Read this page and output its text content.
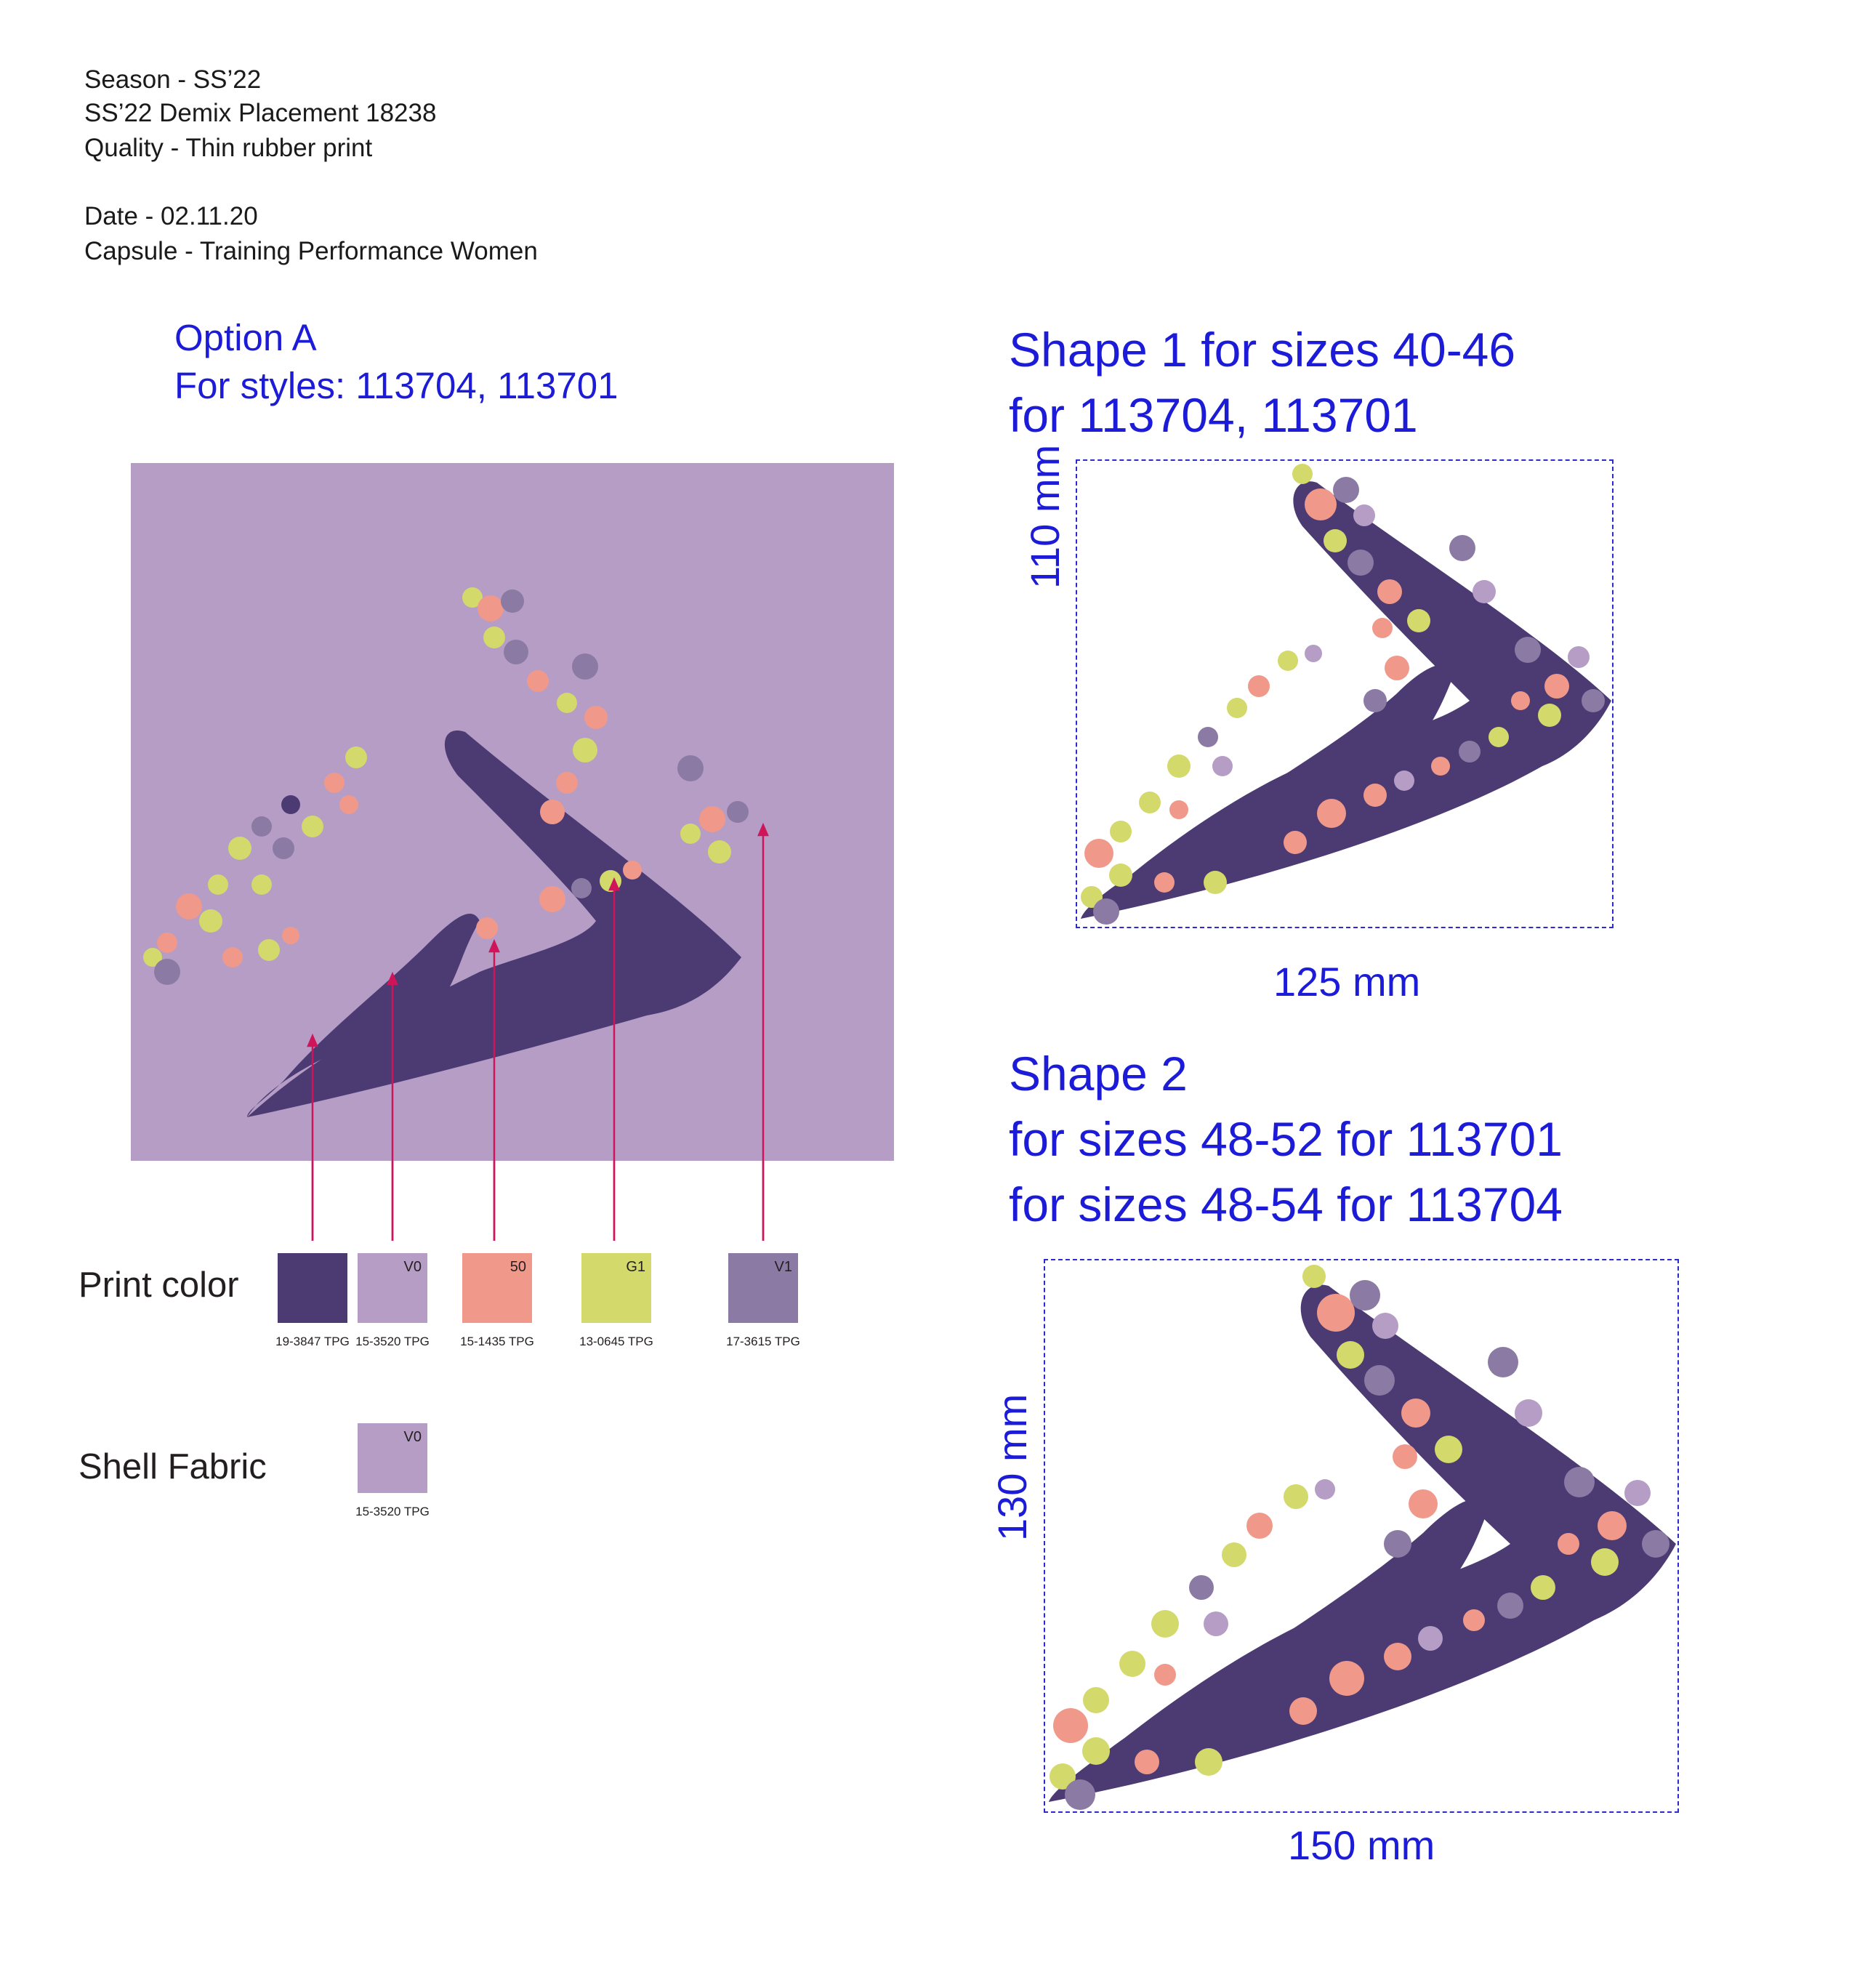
Season - SS’22
SS’22 Demix Placement 18238
Quality - Thin rubber print
Date - 02.11.20
Capsule - Training Performance Women
Option A
For styles: 113704, 113701
Print color
19-3847 TPG
V0
15-3520 TPG
50
15-1435 TPG
G1
13-0645 TPG
V1
17-3615 TPG
Shell Fabric
V0
15-3520 TPG
Shape 1 for sizes 40-46
for 113704, 113701
110 mm
125 mm
Shape 2
for sizes 48-52 for 113701
for sizes 48-54 for 113704
130 mm
150 mm
